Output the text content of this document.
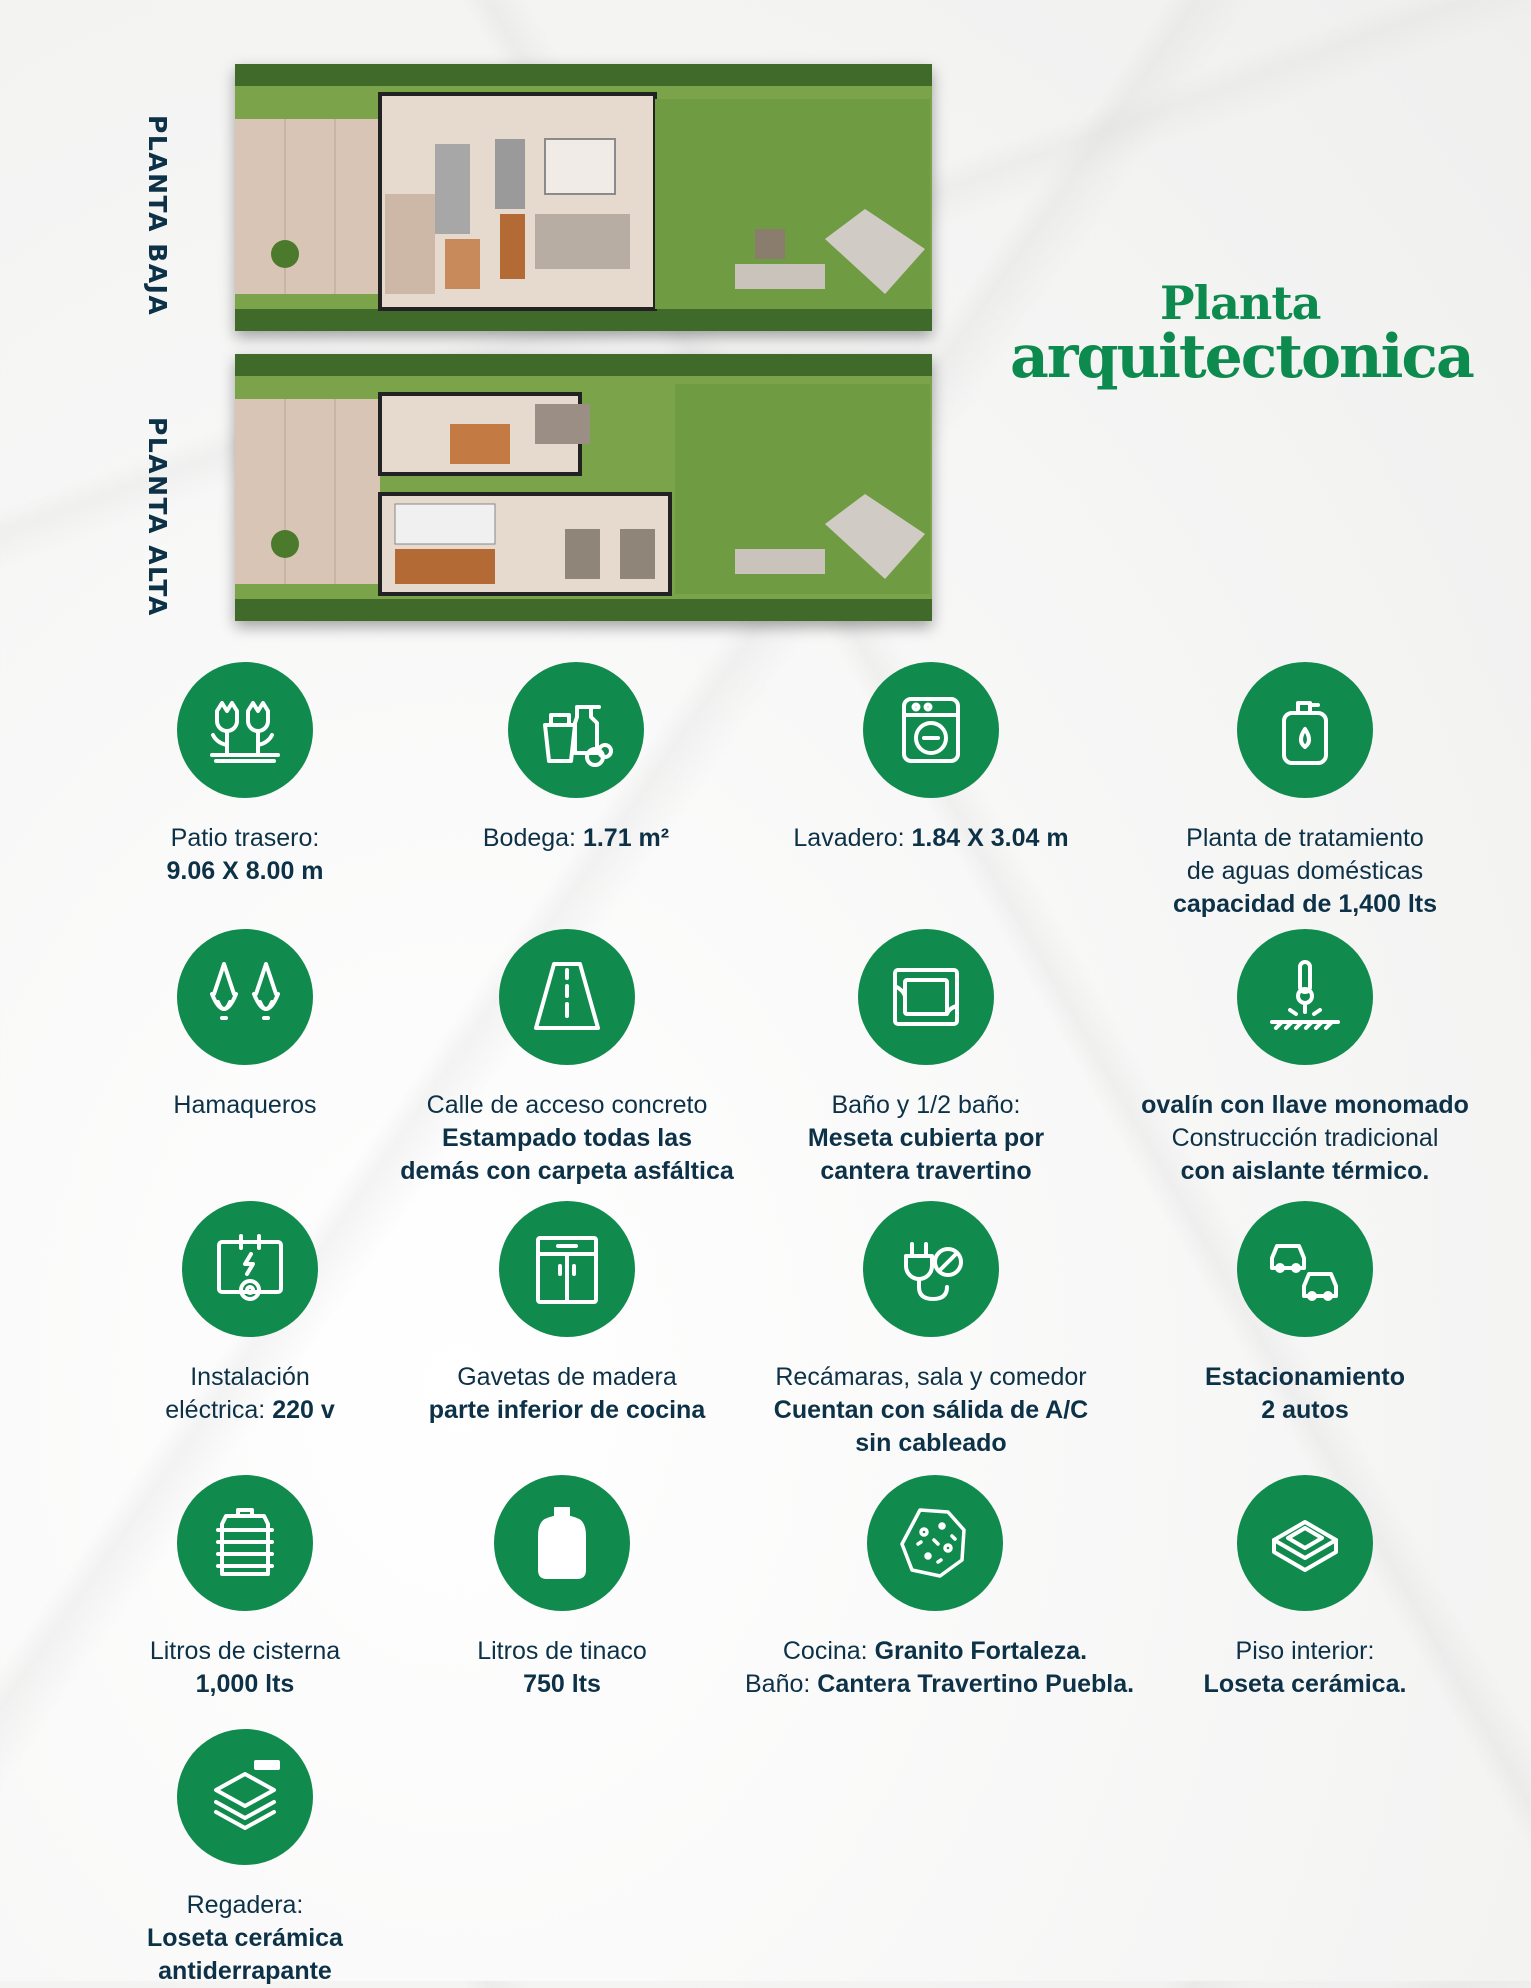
PLANTA BAJA
PLANTA ALTA
Planta
arquitectonica
Patio trasero:
9.06 X 8.00 m
Bodega: 1.71 m²	Lavadero: 1.84 X 3.04 m	Planta de tratamiento
de aguas domésticas
capacidad de 1,400 lts
Hamaqueros	Calle de acceso concreto
Estampado todas las
demás con carpeta asfáltica
Baño y 1/2 baño:
Meseta cubierta por
cantera travertino
ovalín con llave monomado
Construcción tradicional
con aislante térmico.
Instalación
eléctrica: 220 v
Gavetas de madera
parte inferior de cocina
Recámaras, sala y comedor
Cuentan con sálida de A/C
sin cableado
Estacionamiento
2 autos
Litros de cisterna
1,000 lts
Litros de tinaco
750 lts
Cocina: Granito Fortaleza.
Baño: Cantera Travertino Puebla.
Piso interior:
Loseta cerámica.
Regadera:
Loseta cerámica
antiderrapante
